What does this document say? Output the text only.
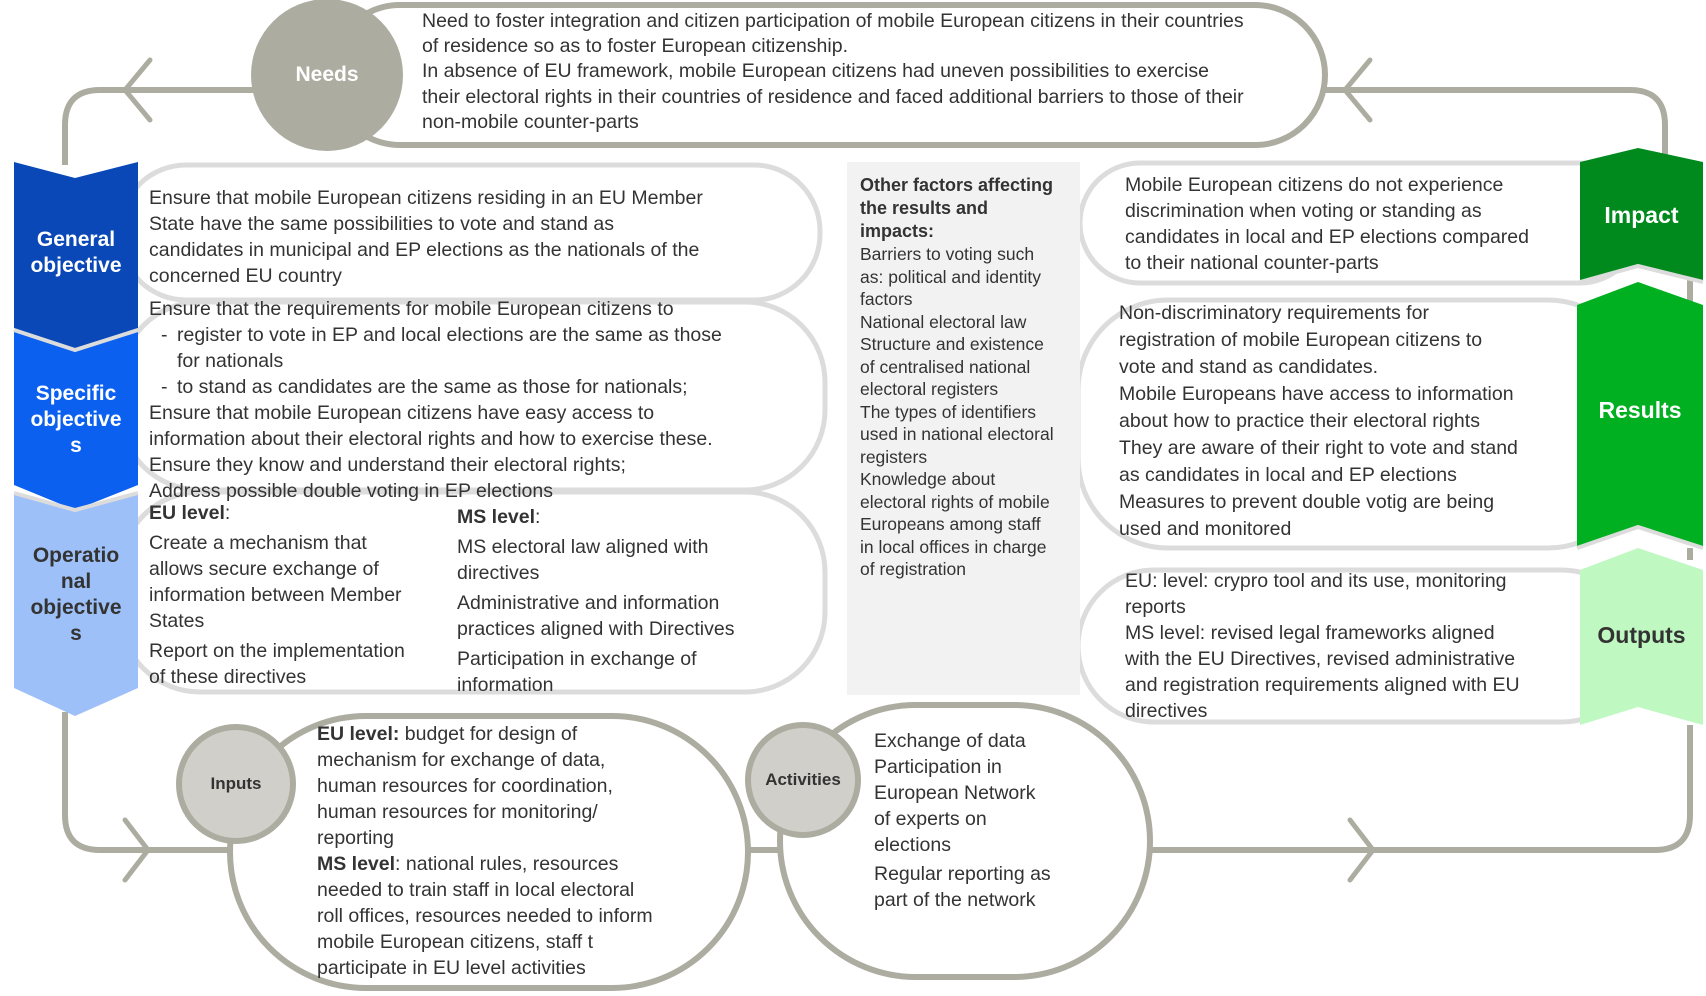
Needs

Need to foster integration and citizen participation of mobile European citizens in their countries

of residence so as to foster European citizenship.

In absence of EU framework, mobile European citizens had uneven possibilities to exercise

their electoral rights in their countries of residence and faced additional barriers to those of their

non-mobile counter-parts

General
objective

Ensure that mobile European citizens residing in an EU Member

State have the same possibilities to vote and stand as

candidates in municipal and EP elections as the nationals of the

concerned EU country

Specific
objective
s

Ensure that the requirements for mobile European citizens to

- register to vote in EP and local elections are the same as those

for nationals

- to stand as candidates are the same as those for nationals;

Ensure that mobile European citizens have easy access to

information about their electoral rights and how to exercise these.

Ensure they know and understand their electoral rights;

Address possible double voting in EP elections

Operatio
nal
objective
s

EU level:

Create a mechanism that

allows secure exchange of

information between Member

States

Report on the implementation

of these directives

MS level:

MS electoral law aligned with

directives

Administrative and information

practices aligned with Directives

Participation in exchange of

information

Other factors affecting
the results and
impacts:
Barriers to voting such
as: political and identity
factors
National electoral law
Structure and existence
of centralised national
electoral registers
The types of identifiers
used in national electoral
registers
Knowledge about
electoral rights of mobile
Europeans among staff
in local offices in charge
of registration

Mobile European citizens do not experience

discrimination when voting or standing as

candidates in local and EP elections compared

to their national counter-parts

Impact

Non-discriminatory requirements for

registration of mobile European citizens to

vote and stand as candidates.

Mobile Europeans have access to information

about how to practice their electoral rights

They are aware of their right to vote and stand

as candidates in local and EP elections

Measures to prevent double votig are being

used and monitored

Results

EU: level: crypro tool and its use, monitoring

reports

MS level: revised legal frameworks aligned

with the EU Directives, revised administrative

and registration requirements aligned with EU

directives

Outputs
Inputs

EU level: budget for design of

mechanism for exchange of data,

human resources for coordination,

human resources for monitoring/

reporting

MS level: national rules, resources

needed to train staff in local electoral

roll offices, resources needed to inform

mobile European citizens, staff t

participate in EU level activities

Activities

Exchange of data

Participation in

European Network

of experts on

elections

Regular reporting as

part of the network
